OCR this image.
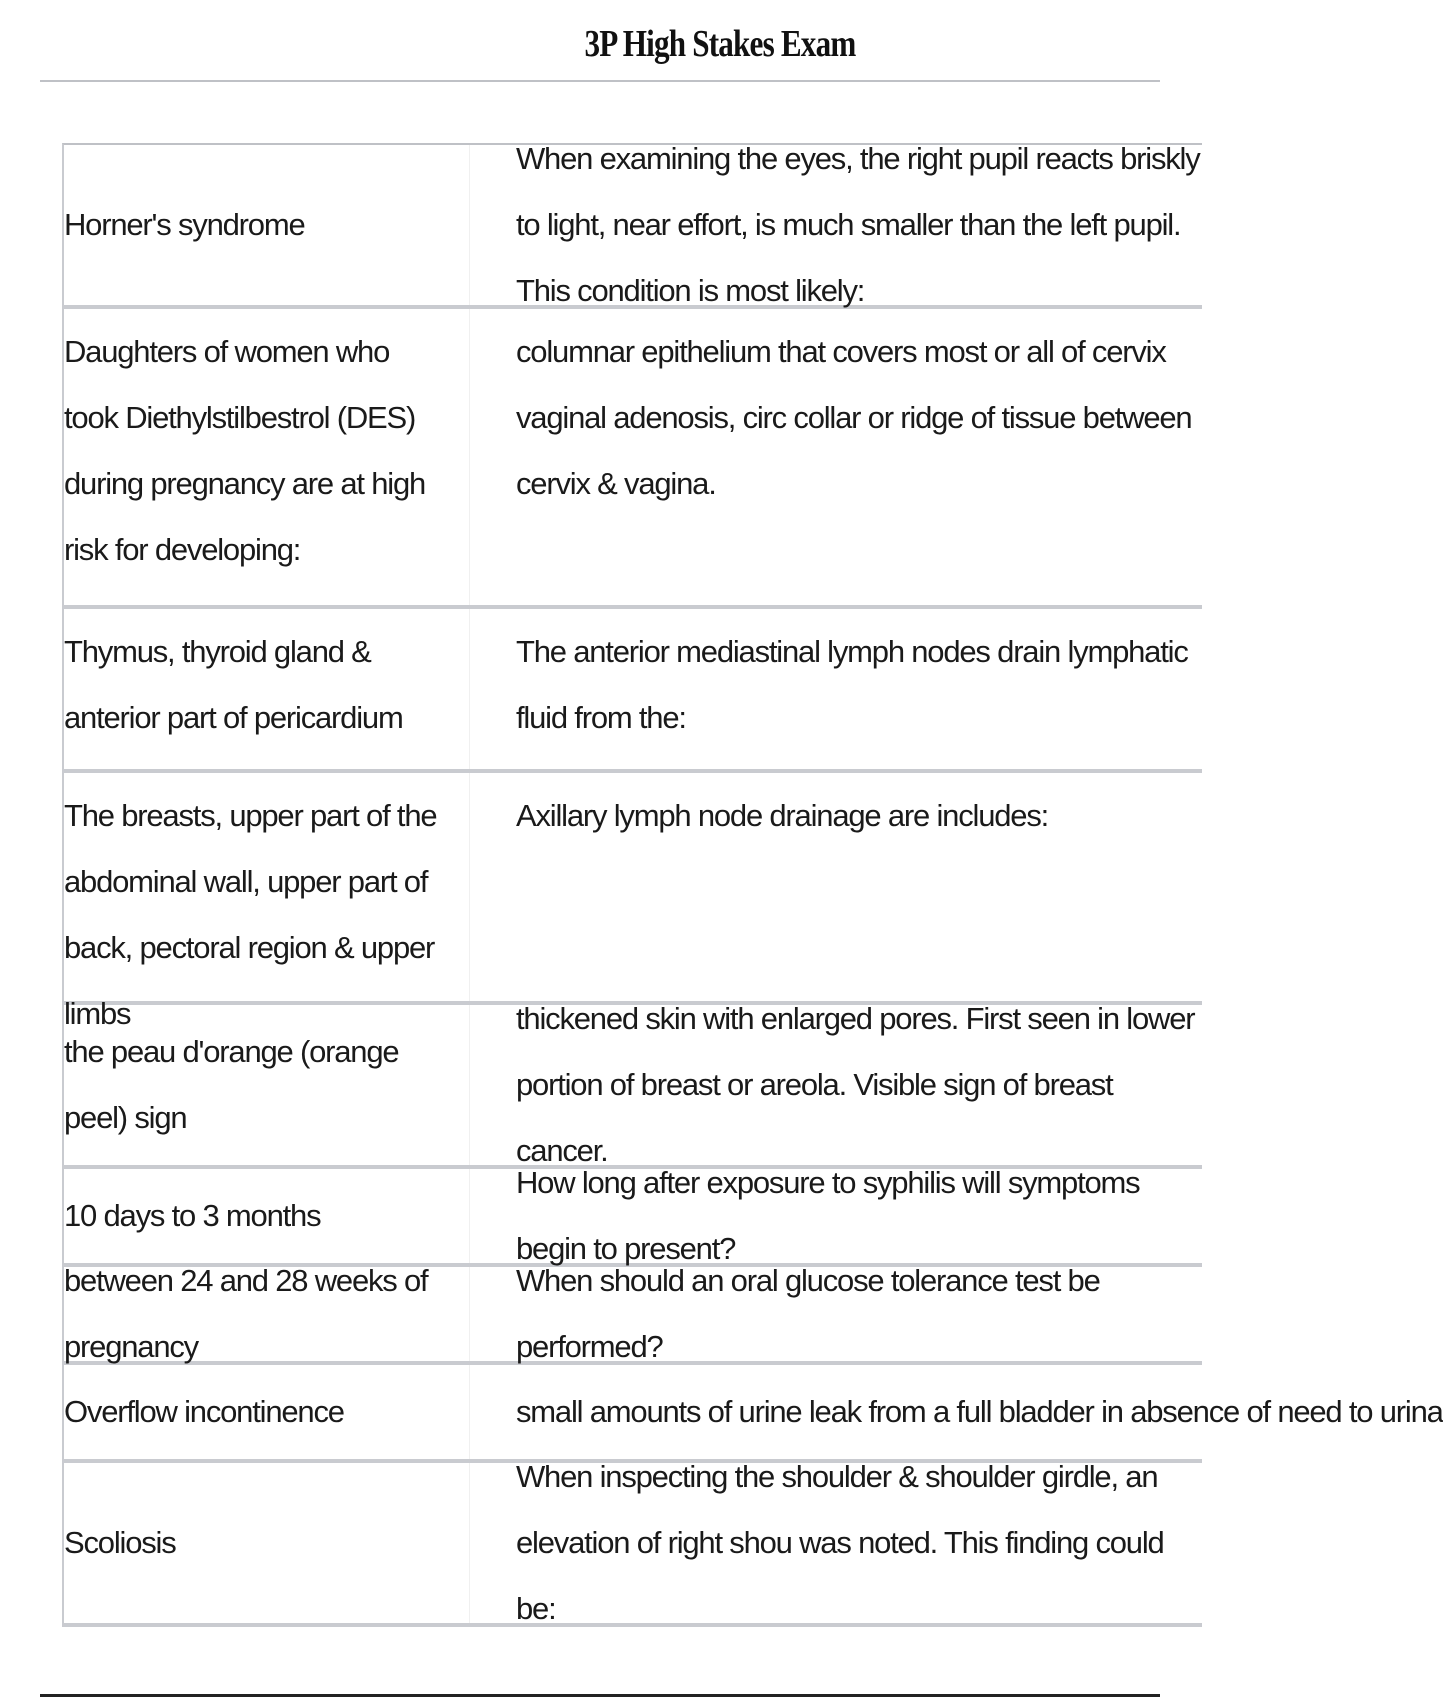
3P High Stakes Exam
Horner's syndrome
When examining the eyes, the right pupil reacts briskly to light, near effort, is much smaller than the left pupil. This condition is most likely:
Daughters of women who took Diethylstilbestrol (DES) during pregnancy are at high risk for developing:
columnar epithelium that covers most or all of cervix vaginal adenosis, circ collar or ridge of tissue between cervix & vagina.
Thymus, thyroid gland & anterior part of pericardium
The anterior mediastinal lymph nodes drain lymphatic fluid from the:
The breasts, upper part of the abdominal wall, upper part of back, pectoral region & upper limbs
Axillary lymph node drainage are includes:
the peau d'orange (orange peel) sign
thickened skin with enlarged pores. First seen in lower portion of breast or areola. Visible sign of breast cancer.
10 days to 3 months
How long after exposure to syphilis will symptoms begin to present?
between 24 and 28 weeks of pregnancy
When should an oral glucose tolerance test be performed?
Overflow incontinence	small amounts of urine leak from a full bladder in absence of need to urina
Scoliosis
When inspecting the shoulder & shoulder girdle, an elevation of right shou was noted. This finding could be:
